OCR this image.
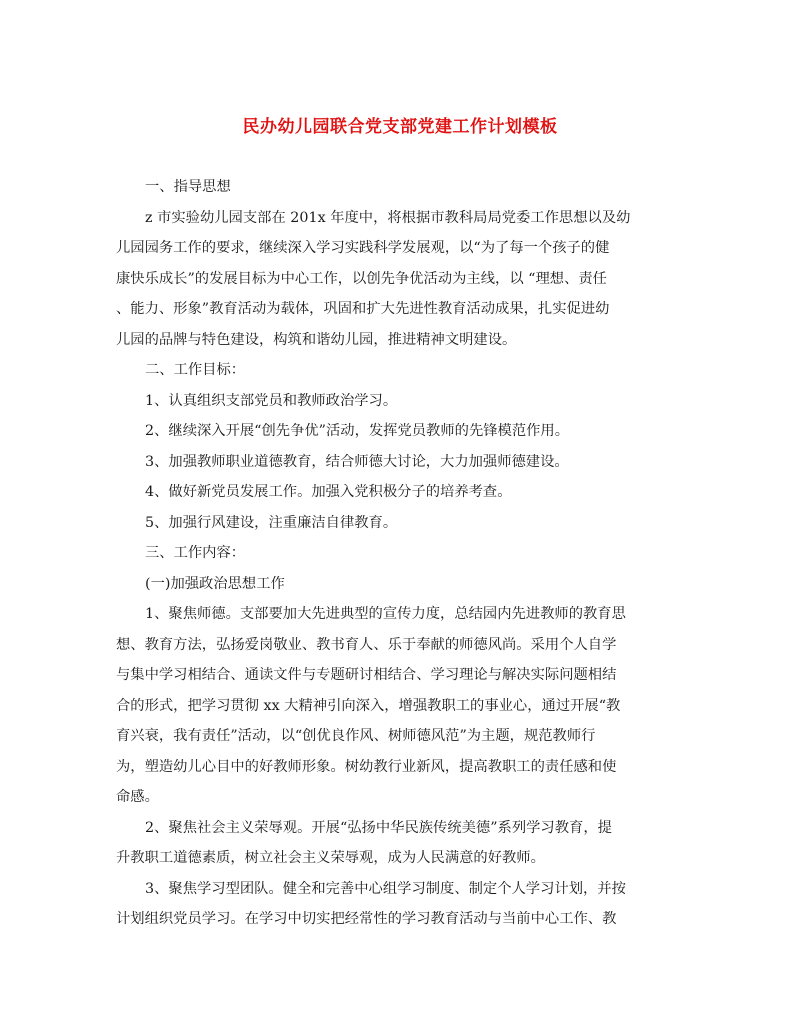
民办幼儿园联合党支部党建工作计划模板
一、指导思想
z 市实验幼儿园支部在 201x 年度中，将根据市教科局局党委工作思想以及幼
儿园园务工作的要求，继续深入学习实践科学发展观，以“为了每一个孩子的健
康快乐成长”的发展目标为中心工作，以创先争优活动为主线，以 “理想、责任
、能力、形象”教育活动为载体，巩固和扩大先进性教育活动成果，扎实促进幼
儿园的品牌与特色建设，构筑和谐幼儿园，推进精神文明建设。
二、工作目标：
1、认真组织支部党员和教师政治学习。
2、继续深入开展“创先争优”活动，发挥党员教师的先锋模范作用。
3、加强教师职业道德教育，结合师德大讨论，大力加强师德建设。
4、做好新党员发展工作。加强入党积极分子的培养考查。
5、加强行风建设，注重廉洁自律教育。
三、工作内容：
(一)加强政治思想工作
1、聚焦师德。支部要加大先进典型的宣传力度，总结园内先进教师的教育思
想、教育方法，弘扬爱岗敬业、教书育人、乐于奉献的师德风尚。采用个人自学
与集中学习相结合、通读文件与专题研讨相结合、学习理论与解决实际问题相结
合的形式，把学习贯彻 xx 大精神引向深入，增强教职工的事业心，通过开展“教
育兴衰，我有责任”活动，以“创优良作风、树师德风范”为主题，规范教师行
为，塑造幼儿心目中的好教师形象。树幼教行业新风，提高教职工的责任感和使
命感。
2、聚焦社会主义荣辱观。开展“弘扬中华民族传统美德”系列学习教育，提
升教职工道德素质，树立社会主义荣辱观，成为人民满意的好教师。
3、聚焦学习型团队。健全和完善中心组学习制度、制定个人学习计划，并按
计划组织党员学习。在学习中切实把经常性的学习教育活动与当前中心工作、教
